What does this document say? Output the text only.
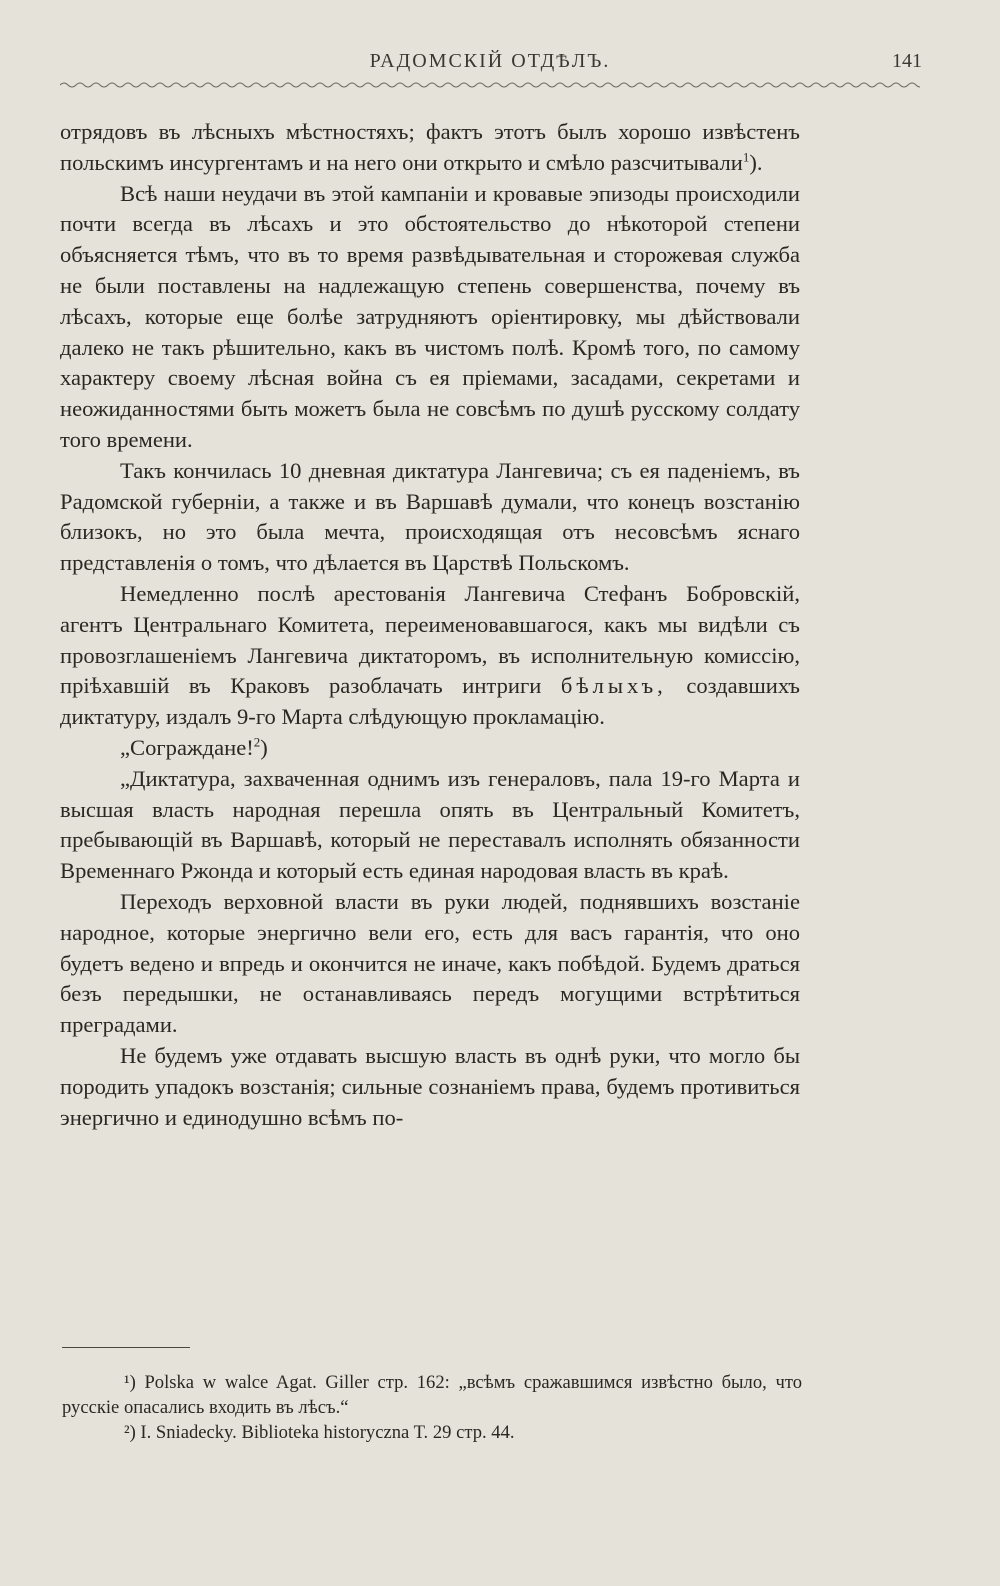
РАДОМСКІЙ ОТДѢЛЪ.	141

отрядовъ въ лѣсныхъ мѣстностяхъ; фактъ этотъ былъ хорошо извѣстенъ польскимъ инсургентамъ и на него они открыто и смѣло разсчитывали$^1$).

Всѣ наши неудачи въ этой кампаніи и кровавые эпизоды происходили почти всегда въ лѣсахъ и это обстоятельство до нѣкоторой степени объясняется тѣмъ, что въ то время развѣдывательная и сторожевая служба не были поставлены на надлежащую степень совершенства, почему въ лѣсахъ, которые еще болѣе затрудняютъ оріентировку, мы дѣйствовали далеко не такъ рѣшительно, какъ въ чистомъ полѣ. Кромѣ того, по самому характеру своему лѣсная война съ ея пріемами, засадами, секретами и неожиданностями быть можетъ была не совсѣмъ по душѣ русскому солдату того времени.

Такъ кончилась 10 дневная диктатура Лангевича; съ ея паденіемъ, въ Радомской губерніи, а также и въ Варшавѣ думали, что конецъ возстанію близокъ, но это была мечта, происходящая отъ несовсѣмъ яснаго представленія о томъ, что дѣлается въ Царствѣ Польскомъ.

Немедленно послѣ арестованія Лангевича Стефанъ Бобровскій, агентъ Центральнаго Комитета, переименовавшагося, какъ мы видѣли съ провозглашеніемъ Лангевича диктаторомъ, въ исполнительную комиссію, пріѣхавшій въ Краковъ разоблачать интриги бѣлыхъ, создавшихъ диктатуру, издалъ 9-го Марта слѣдующую прокламацію.

„Согражданe!$^2$)

„Диктатура, захваченная однимъ изъ генераловъ, пала 19-го Марта и высшая власть народная перешла опять въ Центральный Комитетъ, пребывающій въ Варшавѣ, который не переставалъ исполнять обязанности Временнаго Ржонда и который есть единая народовая власть въ краѣ.

Переходъ верховной власти въ руки людей, поднявшихъ возстаніе народное, которые энергично вели его, есть для васъ гарантія, что оно будетъ ведено и впредь и окончится не иначе, какъ побѣдой. Будемъ драться безъ передышки, не останавливаясь передъ могущими встрѣтиться преградами.

Не будемъ уже отдавать высшую власть въ однѣ руки, что могло бы породить упадокъ возстанія; сильные сознаніемъ права, будемъ противиться энергично и единодушно всѣмъ по-

¹) Polska w walce Agat. Giller стр. 162: „всѣмъ сражавшимся извѣстно было, что русскіе опасались входить въ лѣсъ.“

²) I. Sniadecky. Biblioteka historyczna T. 29 стр. 44.
